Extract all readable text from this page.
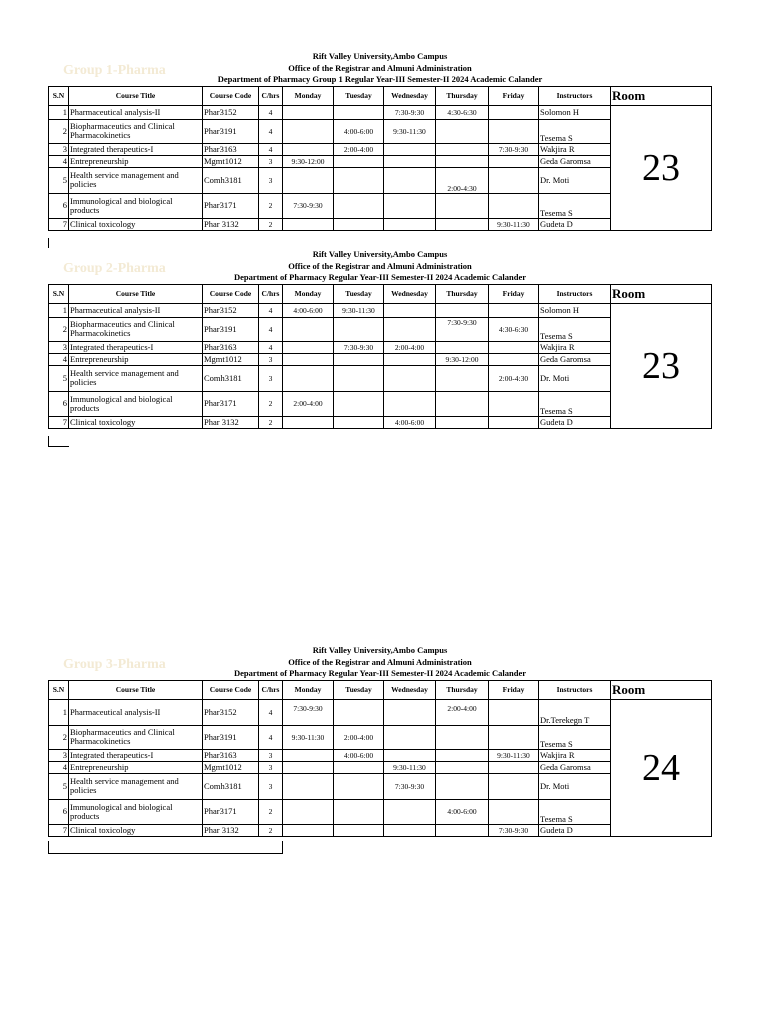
Group 1-Pharma
Rift Valley University,Ambo Campus
Office of the Registrar and Almuni Administration
Department of Pharmacy Group 1 Regular Year-III Semester-II 2024 Academic Calander
S.N	Course Title	Course Code	C/hrs	Monday	Tuesday	Wednesday	Thursday	Friday	Instructors	Room
1	Pharmaceutical analysis-II	Phar3152	4			7:30-9:30	4:30-6:30		Solomon H	23
2	Biopharmaceutics and Clinical Pharmacokinetics	Phar3191	4		4:00-6:00	9:30-11:30			Tesema S	
3	Integrated therapeutics-I	Phar3163	4		2:00-4:00			7:30-9:30	Wakjira R	
4	Entrepreneurship	Mgmt1012	3	9:30-12:00					Geda Garomsa	
5	Health service management and policies	Comh3181	3				2:00-4:30		Dr. Moti	
6	Immunological and biological products	Phar3171	2	7:30-9:30					Tesema S	
7	Clinical toxicology	Phar 3132	2					9:30-11:30	Gudeta D	
Group 2-Pharma
Rift Valley University,Ambo Campus
Office of the Registrar and Almuni Administration
Department of Pharmacy Regular Year-III Semester-II 2024 Academic Calander
S.N	Course Title	Course Code	C/hrs	Monday	Tuesday	Wednesday	Thursday	Friday	Instructors	Room
1	Pharmaceutical analysis-II	Phar3152	4	4:00-6:00	9:30-11:30				Solomon H	23
2	Biopharmaceutics and Clinical Pharmacokinetics	Phar3191	4				7:30-9:30	4:30-6:30	Tesema S	
3	Integrated therapeutics-I	Phar3163	4		7:30-9:30	2:00-4:00			Wakjira R	
4	Entrepreneurship	Mgmt1012	3				9:30-12:00		Geda Garomsa	
5	Health service management and policies	Comh3181	3					2:00-4:30	Dr. Moti	
6	Immunological and biological products	Phar3171	2	2:00-4:00					Tesema S	
7	Clinical toxicology	Phar 3132	2			4:00-6:00			Gudeta D	
Group 3-Pharma
Rift Valley University,Ambo Campus
Office of the Registrar and Almuni Administration
Department of Pharmacy Regular Year-III Semester-II 2024 Academic Calander
S.N	Course Title	Course Code	C/hrs	Monday	Tuesday	Wednesday	Thursday	Friday	Instructors	Room
1	Pharmaceutical analysis-II	Phar3152	4	7:30-9:30			2:00-4:00		Dr.Terekegn T	24
2	Biopharmaceutics and Clinical Pharmacokinetics	Phar3191	4	9:30-11:30	2:00-4:00				Tesema S	
3	Integrated therapeutics-I	Phar3163	3		4:00-6:00			9:30-11:30	Wakjira R	
4	Entrepreneurship	Mgmt1012	3			9:30-11:30			Geda Garomsa	
5	Health service management and policies	Comh3181	3			7:30-9:30			Dr. Moti	
6	Immunological and biological products	Phar3171	2				4:00-6:00		Tesema S	
7	Clinical toxicology	Phar 3132	2					7:30-9:30	Gudeta D	
